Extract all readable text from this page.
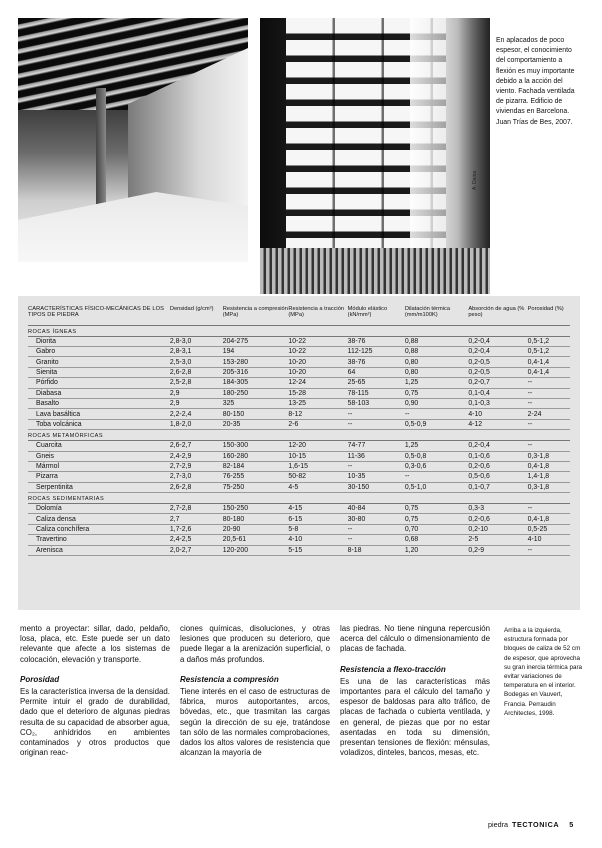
A. Daina
En aplacados de poco espesor, el conocimiento del comportamiento a flexión es muy importante debido a la acción del viento. Fachada ventilada de pizarra. Edificio de viviendas en Barcelona. Juan Trías de Bes, 2007.
CARACTERÍSTICAS FÍSICO-MECÁNICAS DE LOS TIPOS DE PIEDRA	Densidad (g/cm³)	Resistencia a compresión (MPa)	Resistencia a tracción (MPa)	Módulo elástico (kN/mm²)	Dilatación térmica (mm/m100K)	Absorción de agua (% peso)	Porosidad (%)
ROCAS ÍGNEAS							
Diorita	2,8-3,0	204-275	10-22	38-76	0,88	0,2-0,4	0,5-1,2
Gabro	2,8-3,1	194	10-22	112-125	0,88	0,2-0,4	0,5-1,2
Granito	2,5-3,0	153-280	10-20	38-76	0,80	0,2-0,5	0,4-1,4
Sienita	2,6-2,8	205-316	10-20	64	0,80	0,2-0,5	0,4-1,4
Pórfido	2,5-2,8	184-305	12-24	25-65	1,25	0,2-0,7	--
Diabasa	2,9	180-250	15-28	78-115	0,75	0,1-0,4	--
Basalto	2,9	325	13-25	58-103	0,90	0,1-0,3	--
Lava basáltica	2,2-2,4	80-150	8-12	--	--	4-10	2-24
Toba volcánica	1,8-2,0	20-35	2-6	--	0,5-0,9	4-12	--
ROCAS METAMÓRFICAS							
Cuarcita	2,6-2,7	150-300	12-20	74-77	1,25	0,2-0,4	--
Gneis	2,4-2,9	160-280	10-15	11-36	0,5-0,8	0,1-0,6	0,3-1,8
Mármol	2,7-2,9	82-184	1,6-15	--	0,3-0,6	0,2-0,6	0,4-1,8
Pizarra	2,7-3,0	76-255	50-82	10-35	--	0,5-0,6	1,4-1,8
Serpentinita	2,6-2,8	75-250	4-5	30-150	0,5-1,0	0,1-0,7	0,3-1,8
ROCAS SEDIMENTARIAS							
Dolomía	2,7-2,8	150-250	4-15	40-84	0,75	0,3-3	--
Caliza densa	2,7	80-180	6-15	30-80	0,75	0,2-0,6	0,4-1,8
Caliza conchífera	1,7-2,6	20-90	5-8	--	0,70	0,2-10	0,5-25
Travertino	2,4-2,5	20,5-61	4-10	--	0,68	2-5	4-10
Arenisca	2,0-2,7	120-200	5-15	8-18	1,20	0,2-9	--

mento a proyectar: sillar, dado, peldaño, losa, placa, etc. Este puede ser un dato relevante que afecte a los sistemas de colocación, elevación y transporte.

Porosidad

Es la característica inversa de la densidad. Permite intuir el grado de durabilidad, dado que el deterioro de algunas piedras resulta de su capacidad de absorber agua, CO₂, anhídridos en ambientes contaminados y otros productos que originan reac-

ciones químicas, disoluciones, y otras lesiones que producen su deterioro, que puede llegar a la arenización superficial, o a daños más profundos.

Resistencia a compresión

Tiene interés en el caso de estructuras de fábrica, muros autoportantes, arcos, bóvedas, etc., que trasmitan las cargas según la dirección de su eje, tratándose tan sólo de las normales comprobaciones, dados los altos valores de resistencia que alcanzan la mayoría de

las piedras. No tiene ninguna repercusión acerca del cálculo o dimensionamiento de placas de fachada.

Resistencia a flexo-tracción

Es una de las características más importantes para el cálculo del tamaño y espesor de baldosas para alto tráfico, de placas de fachada o cubierta ventilada, y en general, de piezas que por no estar asentadas en toda su dimensión, presentan tensiones de flexión: ménsulas, voladizos, dinteles, bancos, mesas, etc.

Arriba a la izquierda, estructura formada por bloques de caliza de 52 cm de espesor, que aprovecha su gran inercia térmica para evitar variaciones de temperatura en el interior. Bodegas en Vauvert, Francia. Perraudin Architectes, 1998.
piedra TECTONICA 5
